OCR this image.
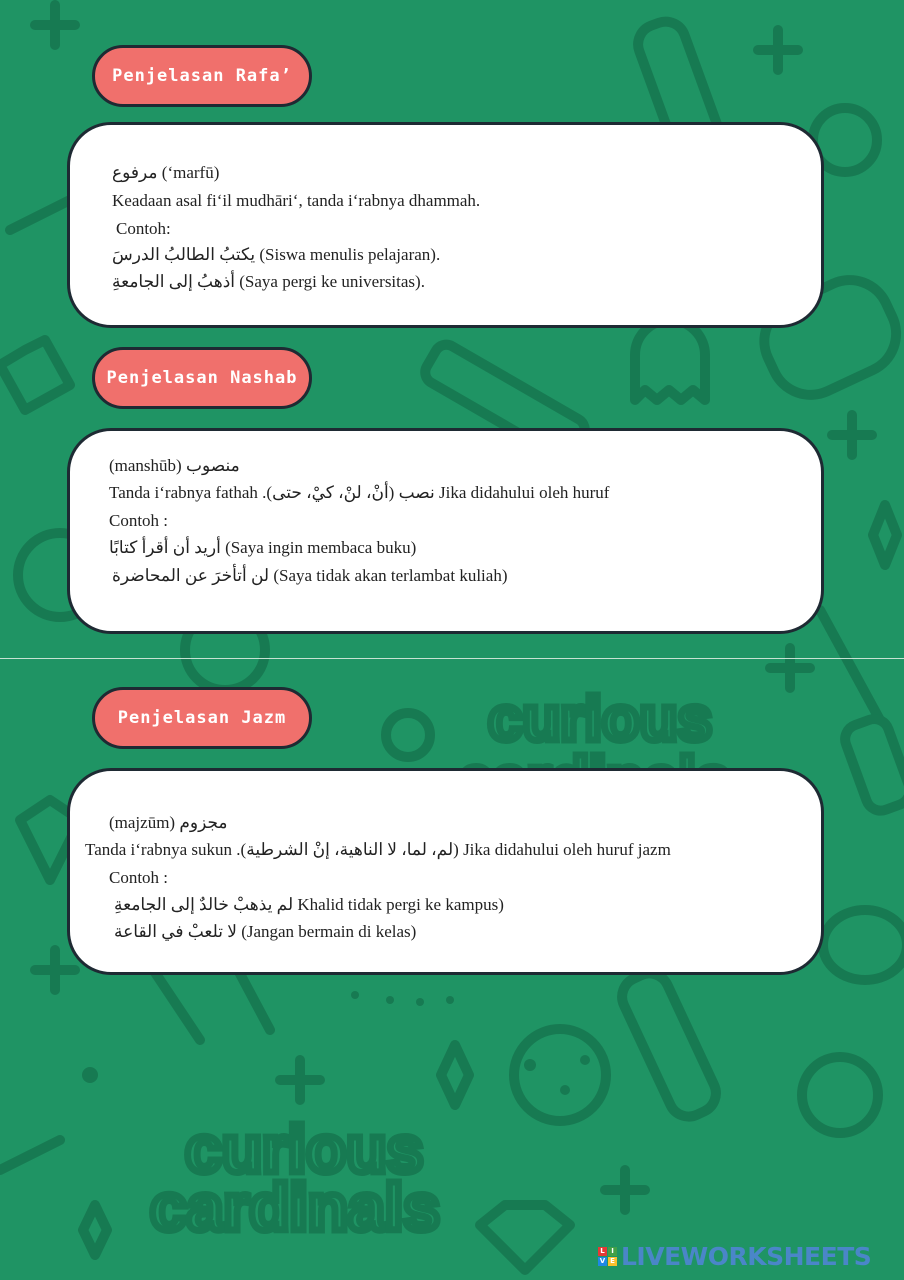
curious
curious
cardinals
Penjelasan Rafa’
مرفوع (‘marfū)
Keadaan asal fi‘il mudhāri‘, tanda i‘rabnya dhammah.
Contoh:
يكتبُ الطالبُ الدرسَ (Siswa menulis pelajaran).
أذهبُ إلى الجامعةِ (Saya pergi ke universitas).
Penjelasan Nashab
(manshūb) منصوب
Tanda i‘rabnya fathah .(أنْ، لنْ، كيْ، حتى) نصب Jika didahului oleh huruf
Contoh :
أريد أن أقرأ كتابًا (Saya ingin membaca buku)
لن أتأخرَ عن المحاضرة (Saya tidak akan terlambat kuliah)
Penjelasan Jazm
(majzūm) مجزوم
Tanda i‘rabnya sukun .(لم، لما، لا الناهية، إنْ الشرطية) Jika didahului oleh huruf jazm
Contoh :
لم يذهبْ خالدٌ إلى الجامعةِ Khalid tidak pergi ke kampus)
لا تلعبْ في القاعة (Jangan bermain di kelas)
L I
V E LIVEWORKSHEETS
